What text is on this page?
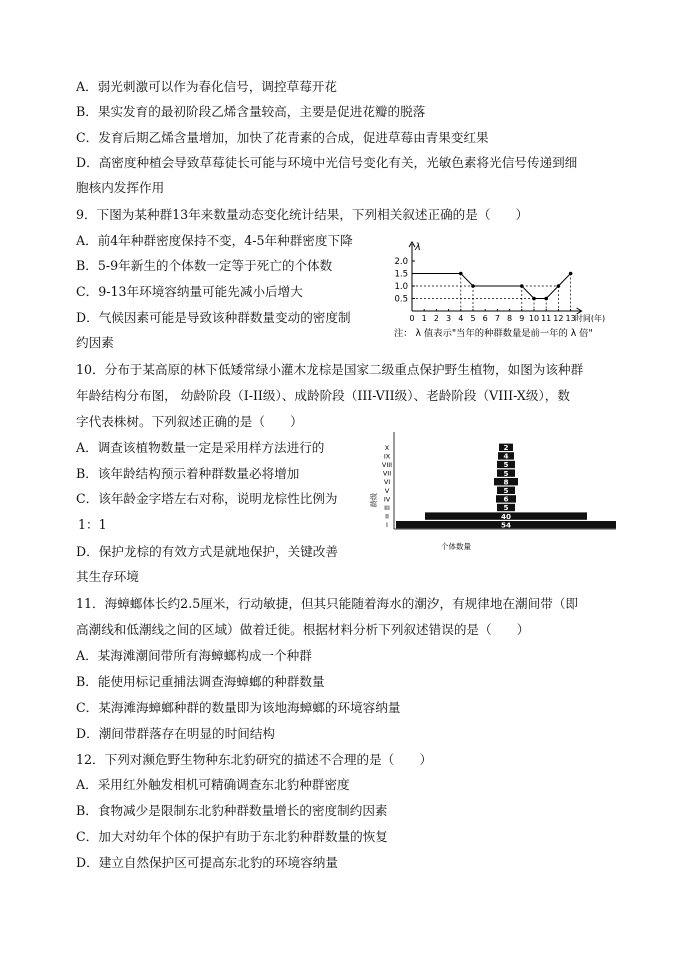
A．弱光刺激可以作为春化信号，调控草莓开花
B．果实发育的最初阶段乙烯含量较高，主要是促进花瓣的脱落
C．发育后期乙烯含量增加，加快了花青素的合成，促进草莓由青果变红果
D．高密度种植会导致草莓徒长可能与环境中光信号变化有关，光敏色素将光信号传递到细
胞核内发挥作用
9．下图为某种群13年来数量动态变化统计结果，下列相关叙述正确的是（　　）
A．前4年种群密度保持不变，4-5年种群密度下降
B．5-9年新生的个体数一定等于死亡的个体数
C．9-13年环境容纳量可能先减小后增大
D．气候因素可能是导致该种群数量变动的密度制
约因素
10．分布于某高原的林下低矮常绿小灌木龙棕是国家二级重点保护野生植物，如图为该种群
年龄结构分布图， 幼龄阶段（I-II级）、成龄阶段（III-VII级）、老龄阶段（VIII-X级），数
字代表株树。下列叙述正确的是（　　）
A．调查该植物数量一定是采用样方法进行的
B．该年龄结构预示着种群数量必将增加
C．该年龄金字塔左右对称，说明龙棕性比例为
1：1
D．保护龙棕的有效方式是就地保护，关键改善
其生存环境
11．海蟑螂体长约2.5厘米，行动敏捷，但其只能随着海水的潮汐，有规律地在潮间带（即
高潮线和低潮线之间的区域）做着迁徙。根据材料分析下列叙述错误的是（　　）
A．某海滩潮间带所有海蟑螂构成一个种群
B．能使用标记重捕法调查海蟑螂的种群数量
C．某海滩海蟑螂种群的数量即为该地海蟑螂的环境容纳量
D．潮间带群落存在明显的时间结构
12．下列对濒危野生物种东北豹研究的描述不合理的是（　　）
A．采用红外触发相机可精确调查东北豹种群密度
B．食物减少是限制东北豹种群数量增长的密度制约因素
C．加大对幼年个体的保护有助于东北豹种群数量的恢复
D．建立自然保护区可提高东北豹的环境容纳量
λ
0.5
1.0
1.5
2.0
0 1 2 3 4 5 6 7 8 9 10 11 12 13 时间(年)
注： λ 值表示"当年的种群数量是前一年的 λ 倍"
54
I
40
II
5
III
6
IV
5
V
8
VI
5
VII
5
VIII
4
IX
2
X
龄级
个体数量
